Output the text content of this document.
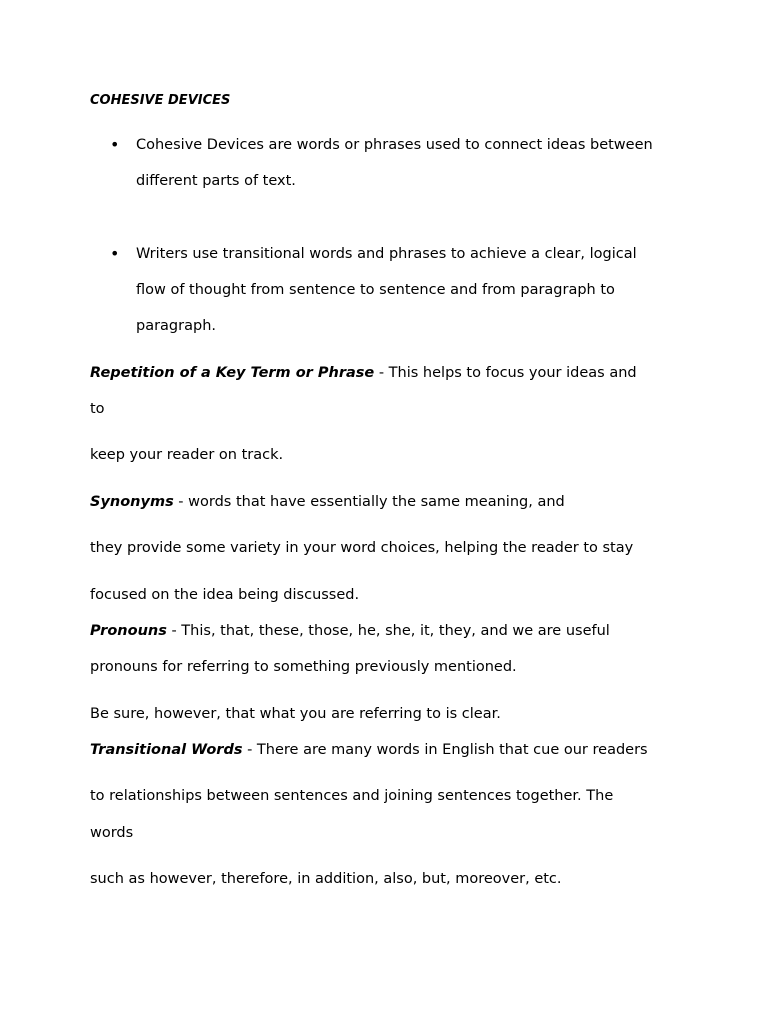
COHESIVE DEVICES
• Cohesive Devices are words or phrases used to connect ideas between
different parts of text.
• Writers use transitional words and phrases to achieve a clear, logical
flow of thought from sentence to sentence and from paragraph to
paragraph.
Repetition of a Key Term or Phrase - This helps to focus your ideas and
to
keep your reader on track.
Synonyms - words that have essentially the same meaning, and
they provide some variety in your word choices, helping the reader to stay
focused on the idea being discussed.
Pronouns - This, that, these, those, he, she, it, they, and we are useful
pronouns for referring to something previously mentioned.
Be sure, however, that what you are referring to is clear.
Transitional Words - There are many words in English that cue our readers
to relationships between sentences and joining sentences together. The
words
such as however, therefore, in addition, also, but, moreover, etc.
